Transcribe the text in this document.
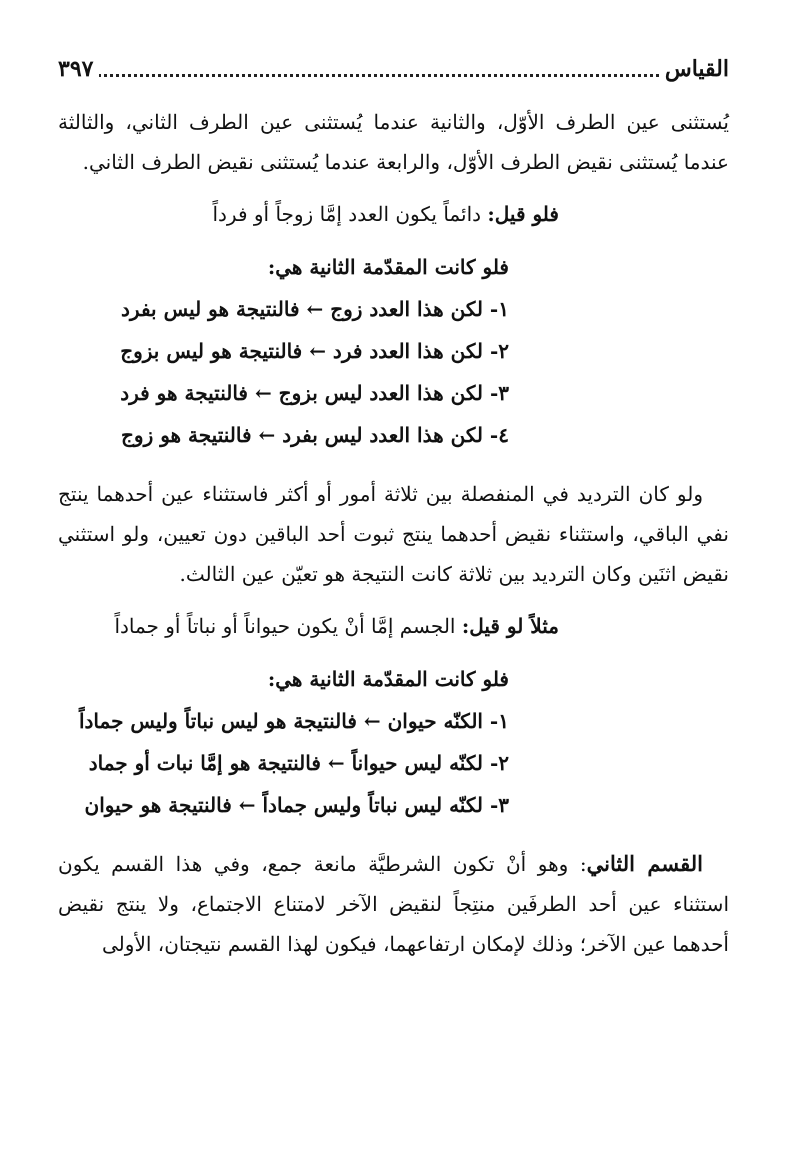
القياس
٣٩٧

يُستثنى عين الطرف الأوّل، والثانية عندما يُستثنى عين الطرف الثاني، والثالثة عندما يُستثنى نقيض الطرف الأوّل، والرابعة عندما يُستثنى نقيض الطرف الثاني.

فلو قيل: دائماً يكون العدد إمَّا زوجاً أو فرداً
فلو كانت المقدّمة الثانية هي:
١- لكن هذا العدد زوج ← فالنتيجة هو ليس بفرد
٢- لكن هذا العدد فرد ← فالنتيجة هو ليس بزوج
٣- لكن هذا العدد ليس بزوج ← فالنتيجة هو فرد
٤- لكن هذا العدد ليس بفرد ← فالنتيجة هو زوج

ولو كان الترديد في المنفصلة بين ثلاثة أمور أو أكثر فاستثناء عين أحدهما ينتج نفي الباقي، واستثناء نقيض أحدهما ينتج ثبوت أحد الباقين دون تعيين، ولو استثني نقيض اثنَين وكان الترديد بين ثلاثة كانت النتيجة هو تعيّن عين الثالث.

مثلاً لو قيل: الجسم إمَّا أنْ يكون حيواناً أو نباتاً أو جماداً
فلو كانت المقدّمة الثانية هي:
١- الكنّه حيوان ← فالنتيجة هو ليس نباتاً وليس جماداً
٢- لكنّه ليس حيواناً ← فالنتيجة هو إمَّا نبات أو جماد
٣- لكنّه ليس نباتاً وليس جماداً ← فالنتيجة هو حيوان

القسم الثاني: وهو أنْ تكون الشرطيَّة مانعة جمع، وفي هذا القسم يكون استثناء عين أحد الطرفَين منتِجاً لنقيض الآخر لامتناع الاجتماع، ولا ينتج نقيض أحدهما عين الآخر؛ وذلك لإمكان ارتفاعهما، فيكون لهذا القسم نتيجتان، الأولى
